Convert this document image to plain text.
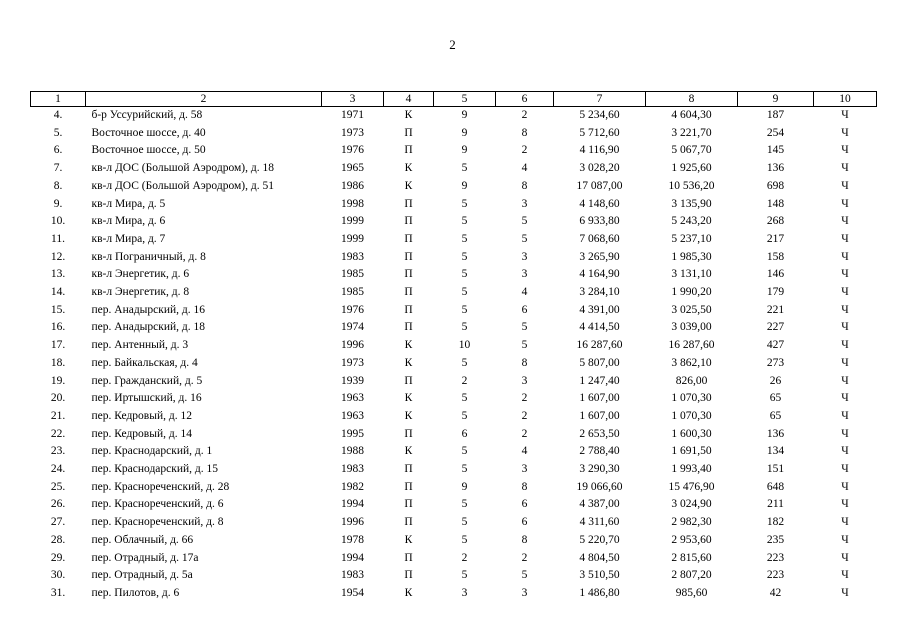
2
1	2	3	4	5	6	7	8	9	10
4.	б-р Уссурийский, д. 58	1971	К	9	2	5 234,60	4 604,30	187	Ч
5.	Восточное шоссе, д. 40	1973	П	9	8	5 712,60	3 221,70	254	Ч
6.	Восточное шоссе, д. 50	1976	П	9	2	4 116,90	5 067,70	145	Ч
7.	кв-л ДОС (Большой Аэродром), д. 18	1965	К	5	4	3 028,20	1 925,60	136	Ч
8.	кв-л ДОС (Большой Аэродром), д. 51	1986	К	9	8	17 087,00	10 536,20	698	Ч
9.	кв-л Мира, д. 5	1998	П	5	3	4 148,60	3 135,90	148	Ч
10.	кв-л Мира, д. 6	1999	П	5	5	6 933,80	5 243,20	268	Ч
11.	кв-л Мира, д. 7	1999	П	5	5	7 068,60	5 237,10	217	Ч
12.	кв-л Пограничный, д. 8	1983	П	5	3	3 265,90	1 985,30	158	Ч
13.	кв-л Энергетик, д. 6	1985	П	5	3	4 164,90	3 131,10	146	Ч
14.	кв-л Энергетик, д. 8	1985	П	5	4	3 284,10	1 990,20	179	Ч
15.	пер. Анадырский, д. 16	1976	П	5	6	4 391,00	3 025,50	221	Ч
16.	пер. Анадырский, д. 18	1974	П	5	5	4 414,50	3 039,00	227	Ч
17.	пер. Антенный, д. 3	1996	К	10	5	16 287,60	16 287,60	427	Ч
18.	пер. Байкальская, д. 4	1973	К	5	8	5 807,00	3 862,10	273	Ч
19.	пер. Гражданский, д. 5	1939	П	2	3	1 247,40	826,00	26	Ч
20.	пер. Иртышский, д. 16	1963	К	5	2	1 607,00	1 070,30	65	Ч
21.	пер. Кедровый, д. 12	1963	К	5	2	1 607,00	1 070,30	65	Ч
22.	пер. Кедровый, д. 14	1995	П	6	2	2 653,50	1 600,30	136	Ч
23.	пер. Краснодарский, д. 1	1988	К	5	4	2 788,40	1 691,50	134	Ч
24.	пер. Краснодарский, д. 15	1983	П	5	3	3 290,30	1 993,40	151	Ч
25.	пер. Краснореченский, д. 28	1982	П	9	8	19 066,60	15 476,90	648	Ч
26.	пер. Краснореченский, д. 6	1994	П	5	6	4 387,00	3 024,90	211	Ч
27.	пер. Краснореченский, д. 8	1996	П	5	6	4 311,60	2 982,30	182	Ч
28.	пер. Облачный, д. 66	1978	К	5	8	5 220,70	2 953,60	235	Ч
29.	пер. Отрадный, д. 17а	1994	П	2	2	4 804,50	2 815,60	223	Ч
30.	пер. Отрадный, д. 5а	1983	П	5	5	3 510,50	2 807,20	223	Ч
31.	пер. Пилотов, д. 6	1954	К	3	3	1 486,80	985,60	42	Ч
